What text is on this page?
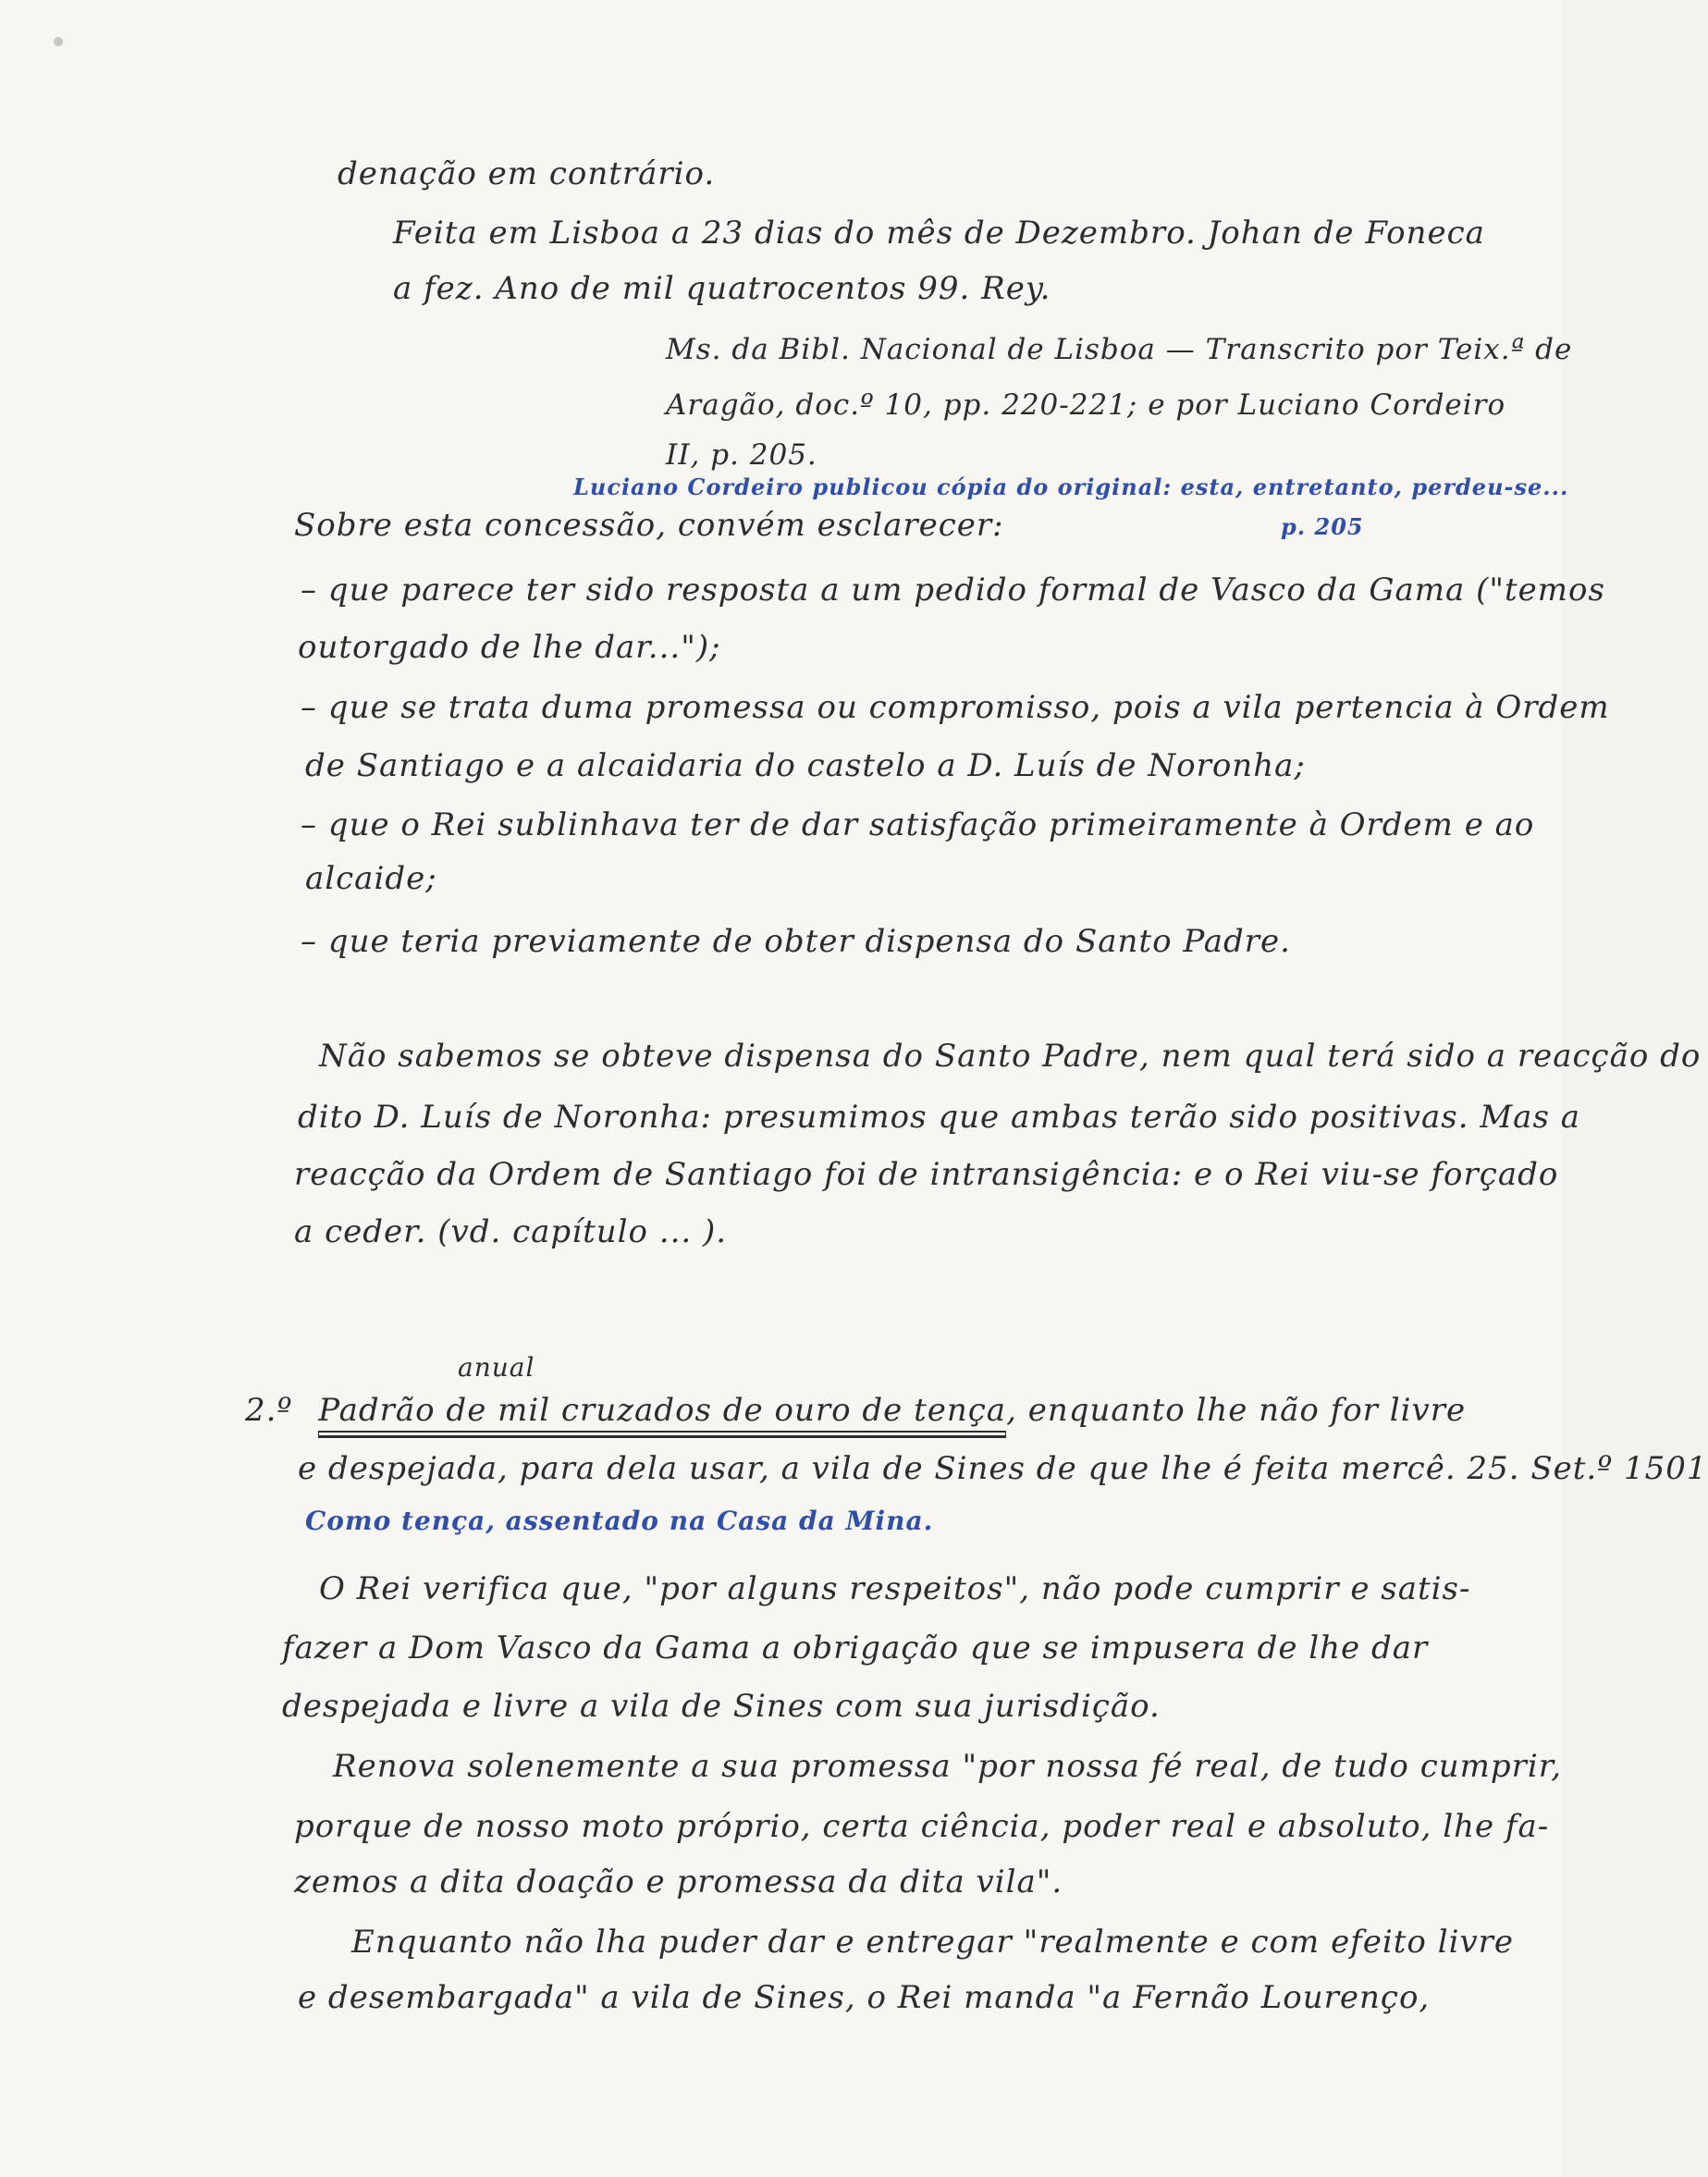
denação em contrário.
Feita em Lisboa a 23 dias do mês de Dezembro. Johan de Foneca
a fez. Ano de mil quatrocentos 99. Rey.
Ms. da Bibl. Nacional de Lisboa — Transcrito por Teix.ª de
Aragão, doc.º 10, pp. 220-221; e por Luciano Cordeiro
II, p. 205.
Luciano Cordeiro publicou cópia do original: esta, entretanto, perdeu-se...
p. 205
Sobre esta concessão, convém esclarecer:
– que parece ter sido resposta a um pedido formal de Vasco da Gama ("temos
outorgado de lhe dar...");
– que se trata duma promessa ou compromisso, pois a vila pertencia à Ordem
de Santiago e a alcaidaria do castelo a D. Luís de Noronha;
– que o Rei sublinhava ter de dar satisfação primeiramente à Ordem e ao
alcaide;
– que teria previamente de obter dispensa do Santo Padre.
Não sabemos se obteve dispensa do Santo Padre, nem qual terá sido a reacção do
dito D. Luís de Noronha: presumimos que ambas terão sido positivas. Mas a
reacção da Ordem de Santiago foi de intransigência: e o Rei viu-se forçado
a ceder. (vd. capítulo ... ).
anual
2.º Padrão de mil cruzados de ouro de tença, enquanto lhe não for livre
e despejada, para dela usar, a vila de Sines de que lhe é feita mercê. 25. Set.º 1501
Como tença, assentado na Casa da Mina.
O Rei verifica que, "por alguns respeitos", não pode cumprir e satis-
fazer a Dom Vasco da Gama a obrigação que se impusera de lhe dar
despejada e livre a vila de Sines com sua jurisdição.
Renova solenemente a sua promessa "por nossa fé real, de tudo cumprir,
porque de nosso moto próprio, certa ciência, poder real e absoluto, lhe fa-
zemos a dita doação e promessa da dita vila".
Enquanto não lha puder dar e entregar "realmente e com efeito livre
e desembargada" a vila de Sines, o Rei manda "a Fernão Lourenço,
